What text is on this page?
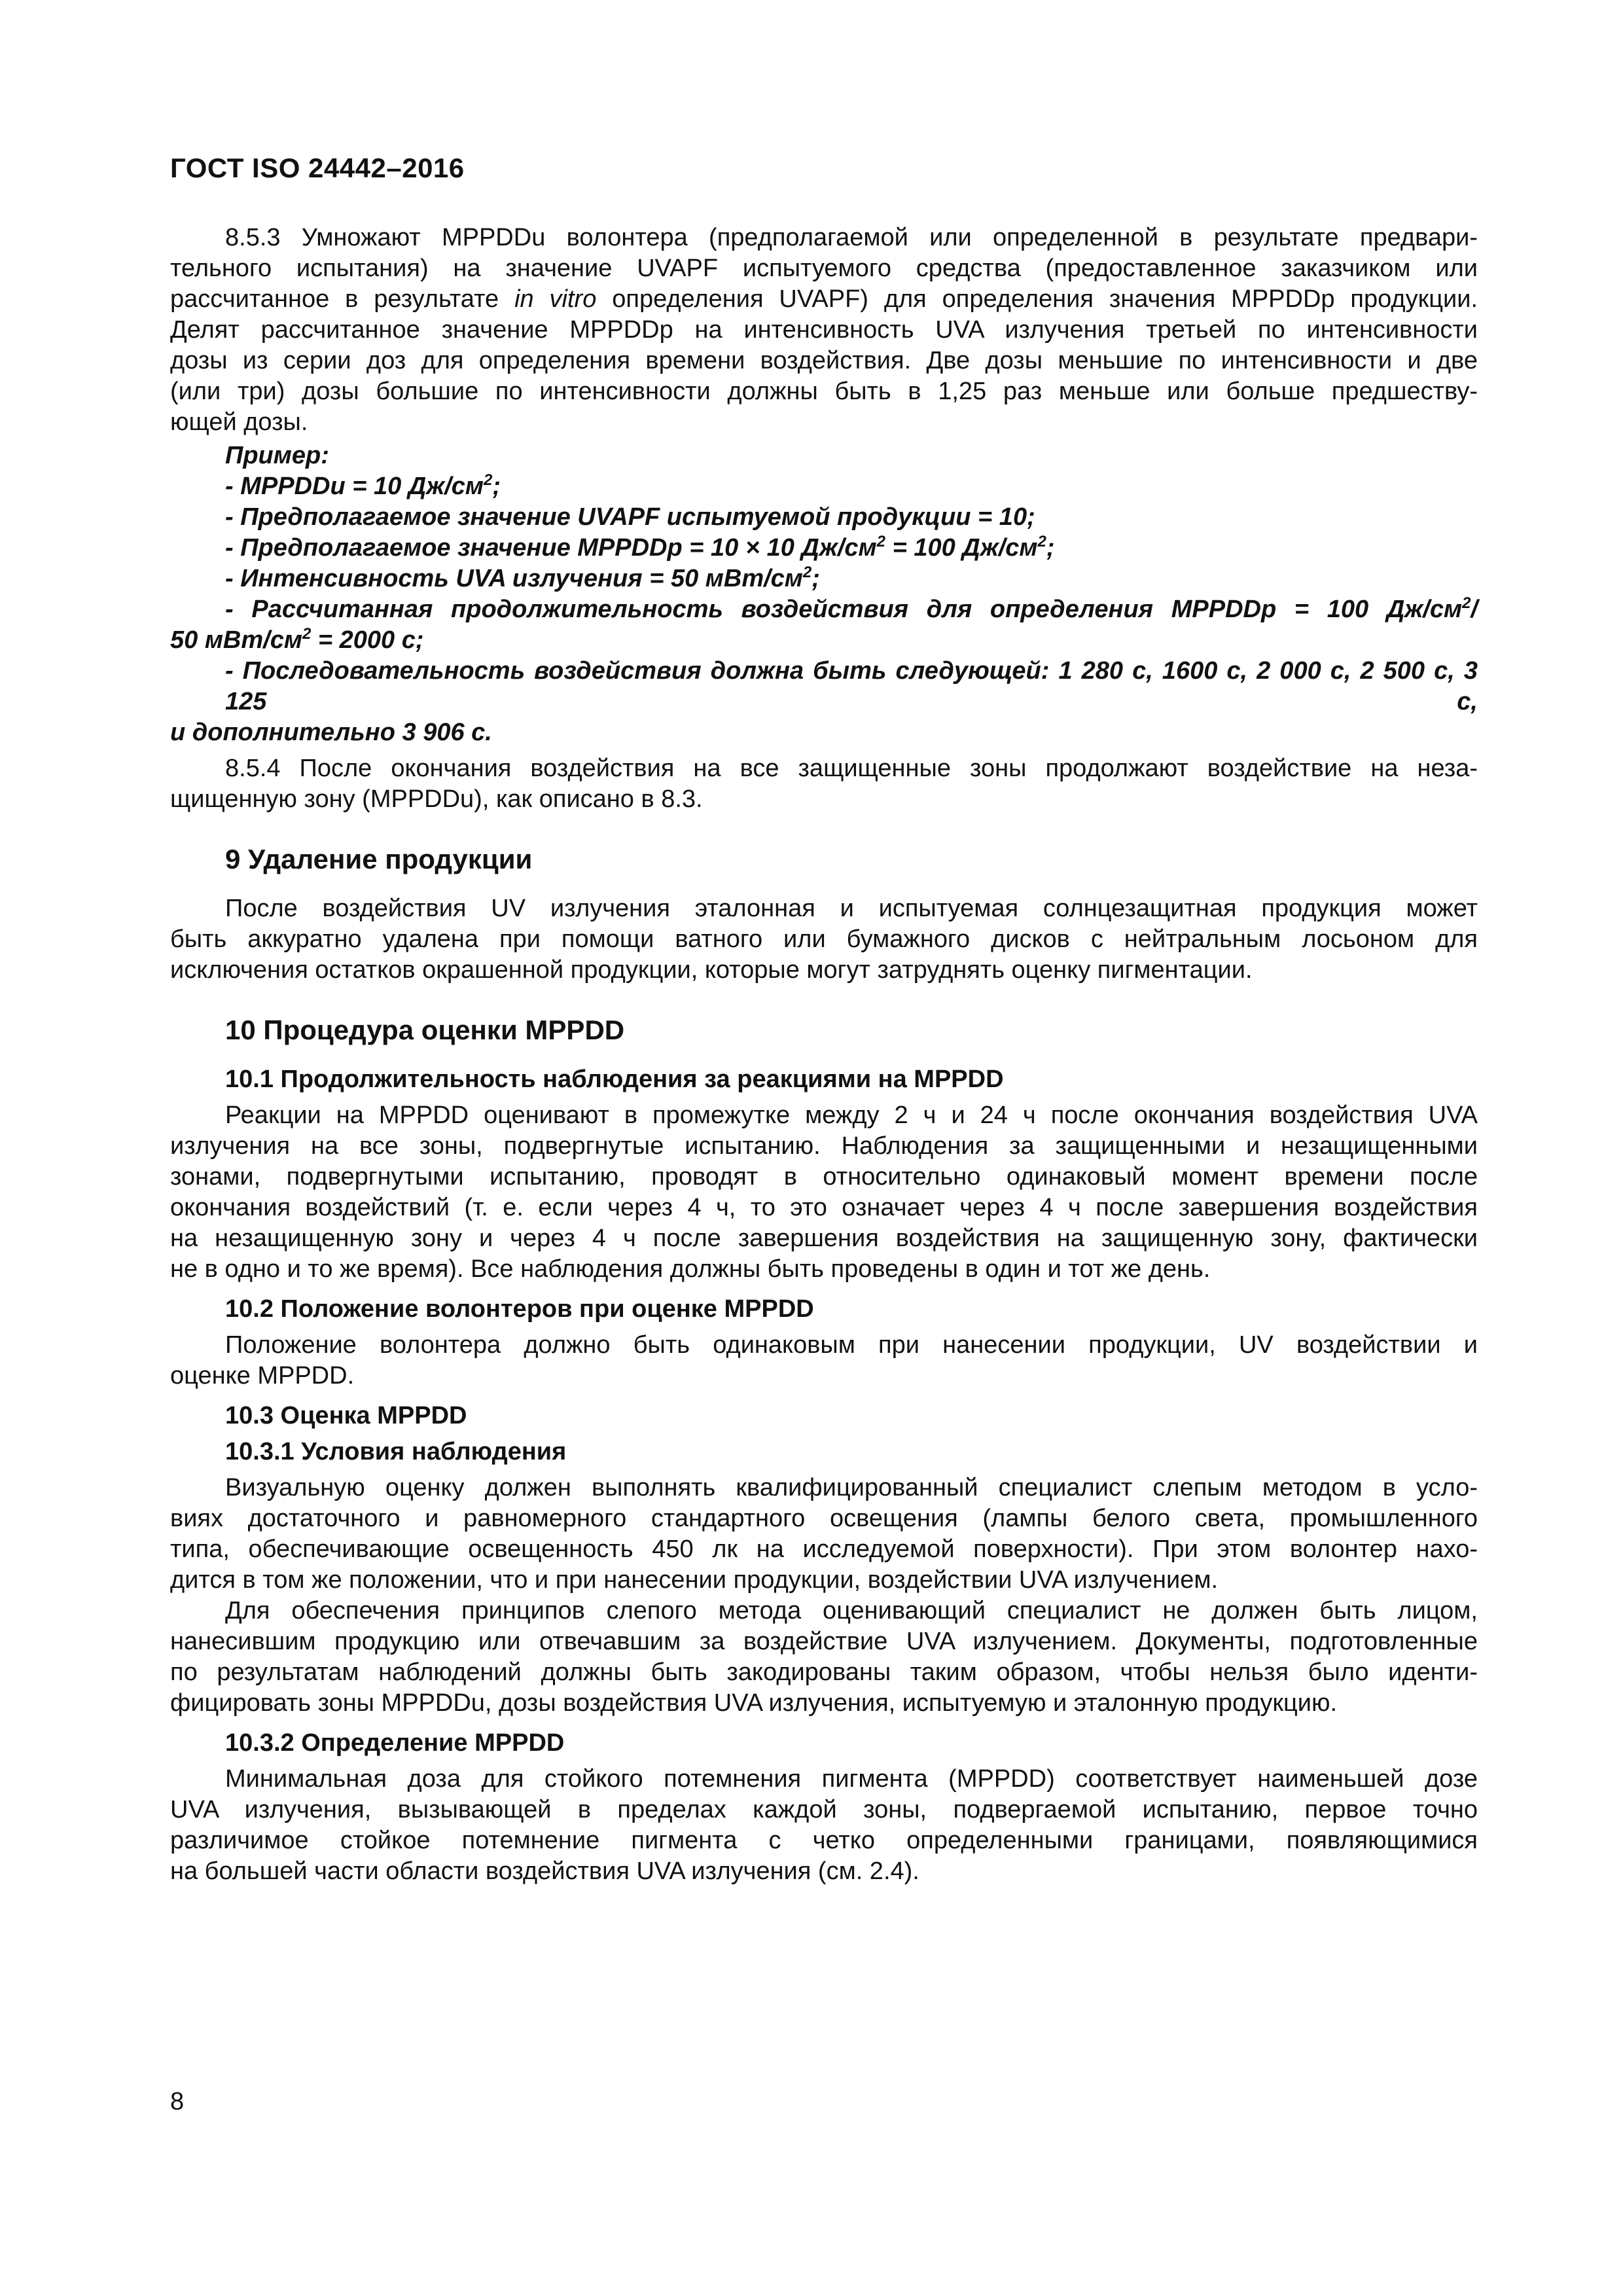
ГОСТ ISO 24442–2016
8.5.3 Умножают MPPDDu волонтера (предполагаемой или определенной в результате предвари-
тельного испытания) на значение UVAPF испытуемого средства (предоставленное заказчиком или
рассчитанное в результате in vitro определения UVAPF) для определения значения MPPDDp продукции.
Делят рассчитанное значение MPPDDp на интенсивность UVA излучения третьей по интенсивности
дозы из серии доз для определения времени воздействия. Две дозы меньшие по интенсивности и две
(или три) дозы большие по интенсивности должны быть в 1,25 раз меньше или больше предшеству-
ющей дозы.
Пример:
- MPPDDu = 10 $Дж/см^2$;
- Предполагаемое значение UVAPF испытуемой продукции = 10;
- Предполагаемое значение MPPDDp = 10 × 10 $Дж/см^2 = 100$ $Дж/см^2$;
- Интенсивность UVA излучения = 50 мВт/$см^2$;
- Рассчитанная продолжительность воздействия для определения MPPDDp = 100 $Дж/см^2/$
50 мВт/$см^2 = 2000$ с;
- Последовательность воздействия должна быть следующей: 1 280 с, 1600 с, 2 000 с, 2 500 с, 3 125 с,
и дополнительно 3 906 с.
8.5.4 После окончания воздействия на все защищенные зоны продолжают воздействие на неза-
щищенную зону (MPPDDu), как описано в 8.3.
9 Удаление продукции
После воздействия UV излучения эталонная и испытуемая солнцезащитная продукция может
быть аккуратно удалена при помощи ватного или бумажного дисков с нейтральным лосьоном для
исключения остатков окрашенной продукции, которые могут затруднять оценку пигментации.
10 Процедура оценки MPPDD
10.1 Продолжительность наблюдения за реакциями на MPPDD
Реакции на MPPDD оценивают в промежутке между 2 ч и 24 ч после окончания воздействия UVA
излучения на все зоны, подвергнутые испытанию. Наблюдения за защищенными и незащищенными
зонами, подвергнутыми испытанию, проводят в относительно одинаковый момент времени после
окончания воздействий (т. е. если через 4 ч, то это означает через 4 ч после завершения воздействия
на незащищенную зону и через 4 ч после завершения воздействия на защищенную зону, фактически
не в одно и то же время). Все наблюдения должны быть проведены в один и тот же день.
10.2 Положение волонтеров при оценке MPPDD
Положение волонтера должно быть одинаковым при нанесении продукции, UV воздействии и
оценке MPPDD.
10.3 Оценка MPPDD
10.3.1 Условия наблюдения
Визуальную оценку должен выполнять квалифицированный специалист слепым методом в усло-
виях достаточного и равномерного стандартного освещения (лампы белого света, промышленного
типа, обеспечивающие освещенность 450 лк на исследуемой поверхности). При этом волонтер нахо-
дится в том же положении, что и при нанесении продукции, воздействии UVA излучением.
Для обеспечения принципов слепого метода оценивающий специалист не должен быть лицом,
нанесившим продукцию или отвечавшим за воздействие UVA излучением. Документы, подготовленные
по результатам наблюдений должны быть закодированы таким образом, чтобы нельзя было иденти-
фицировать зоны MPPDDu, дозы воздействия UVA излучения, испытуемую и эталонную продукцию.
10.3.2 Определение MPPDD
Минимальная доза для стойкого потемнения пигмента (MPPDD) соответствует наименьшей дозе
UVA излучения, вызывающей в пределах каждой зоны, подвергаемой испытанию, первое точно
различимое стойкое потемнение пигмента с четко определенными границами, появляющимися
на большей части области воздействия UVA излучения (см. 2.4).
8
